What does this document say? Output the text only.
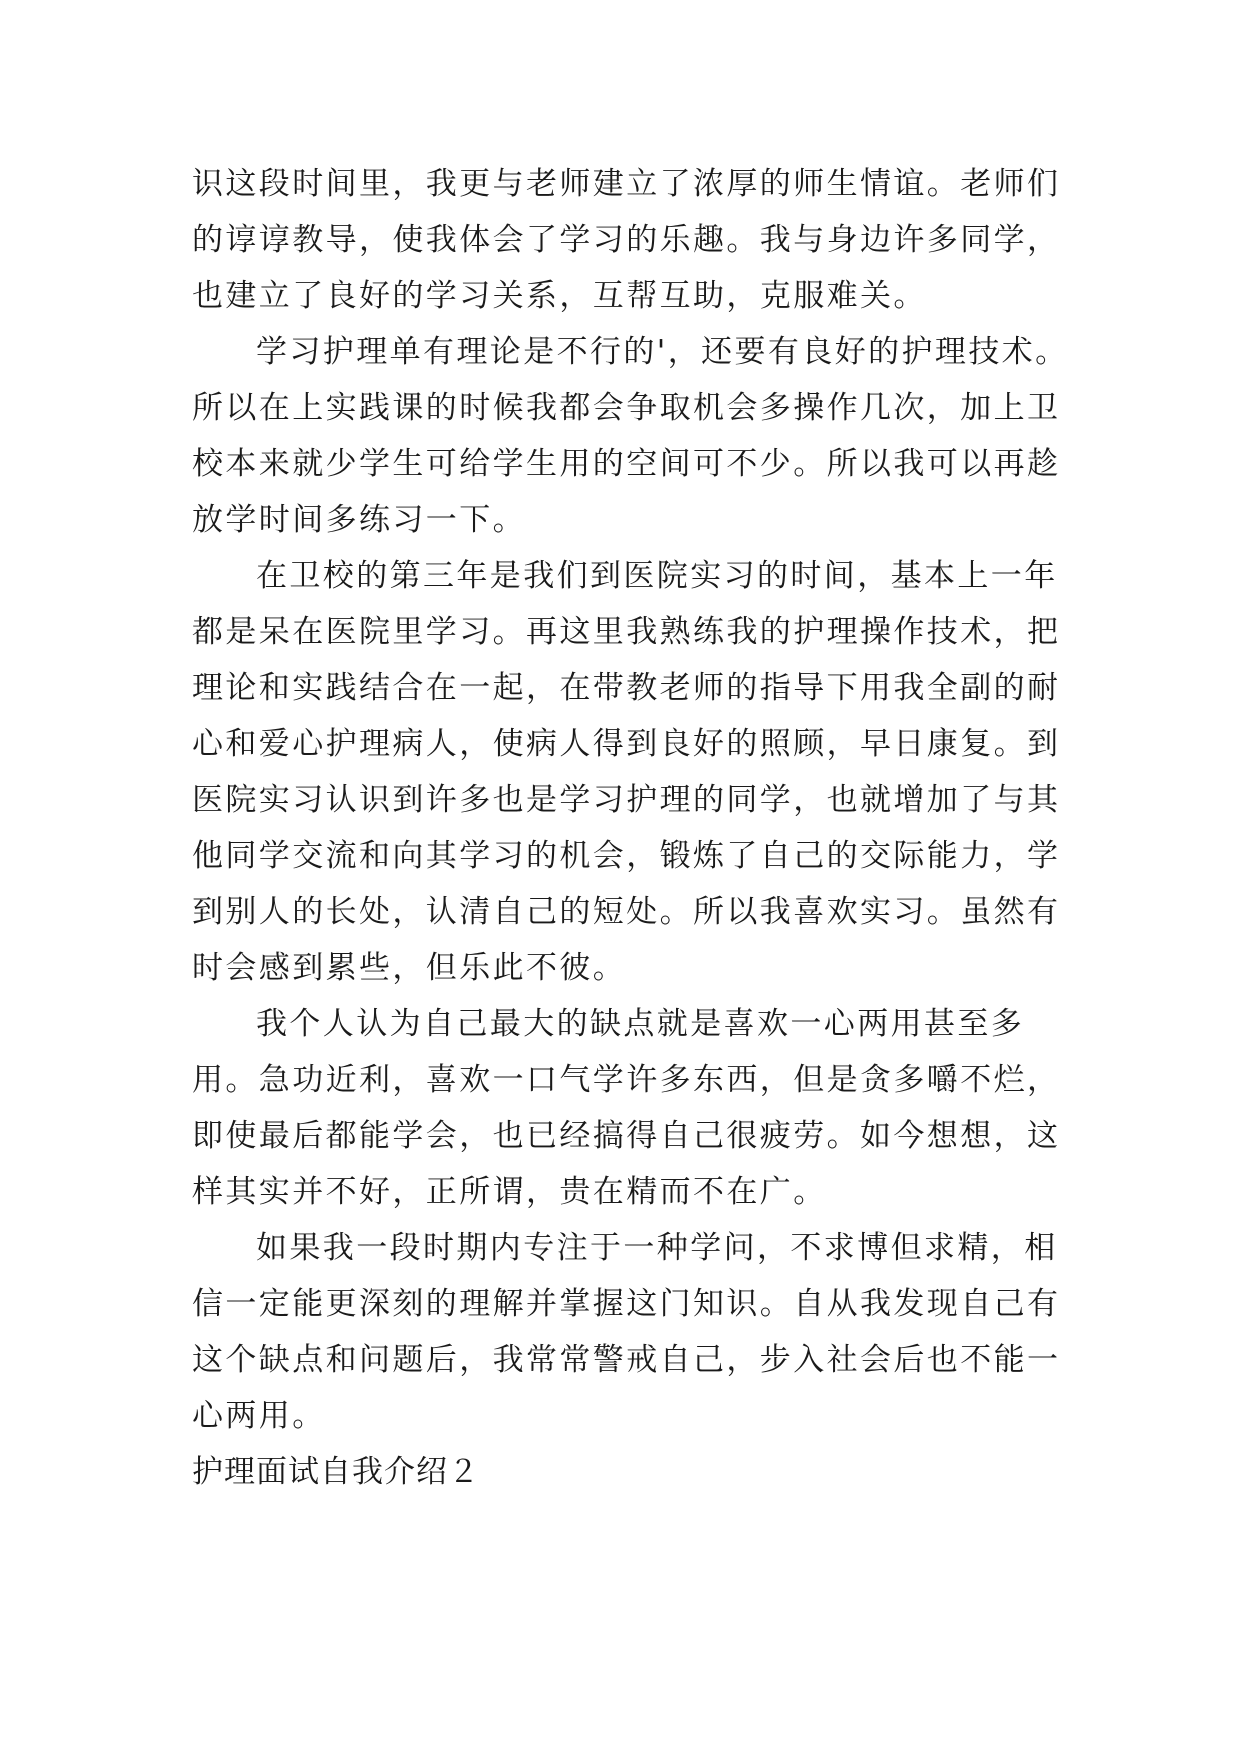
识这段时间里，我更与老师建立了浓厚的师生情谊。老师们
的谆谆教导，使我体会了学习的乐趣。我与身边许多同学，
也建立了良好的学习关系，互帮互助，克服难关。
学习护理单有理论是不行的'，还要有良好的护理技术。
所以在上实践课的时候我都会争取机会多操作几次，加上卫
校本来就少学生可给学生用的空间可不少。所以我可以再趁
放学时间多练习一下。
在卫校的第三年是我们到医院实习的时间，基本上一年
都是呆在医院里学习。再这里我熟练我的护理操作技术，把
理论和实践结合在一起，在带教老师的指导下用我全副的耐
心和爱心护理病人，使病人得到良好的照顾，早日康复。到
医院实习认识到许多也是学习护理的同学，也就增加了与其
他同学交流和向其学习的机会，锻炼了自己的交际能力，学
到别人的长处，认清自己的短处。所以我喜欢实习。虽然有
时会感到累些，但乐此不彼。
我个人认为自己最大的缺点就是喜欢一心两用甚至多
用。急功近利，喜欢一口气学许多东西，但是贪多嚼不烂，
即使最后都能学会，也已经搞得自己很疲劳。如今想想，这
样其实并不好，正所谓，贵在精而不在广。
如果我一段时期内专注于一种学问，不求博但求精，相
信一定能更深刻的理解并掌握这门知识。自从我发现自己有
这个缺点和问题后，我常常警戒自己，步入社会后也不能一
心两用。
护理面试自我介绍２
